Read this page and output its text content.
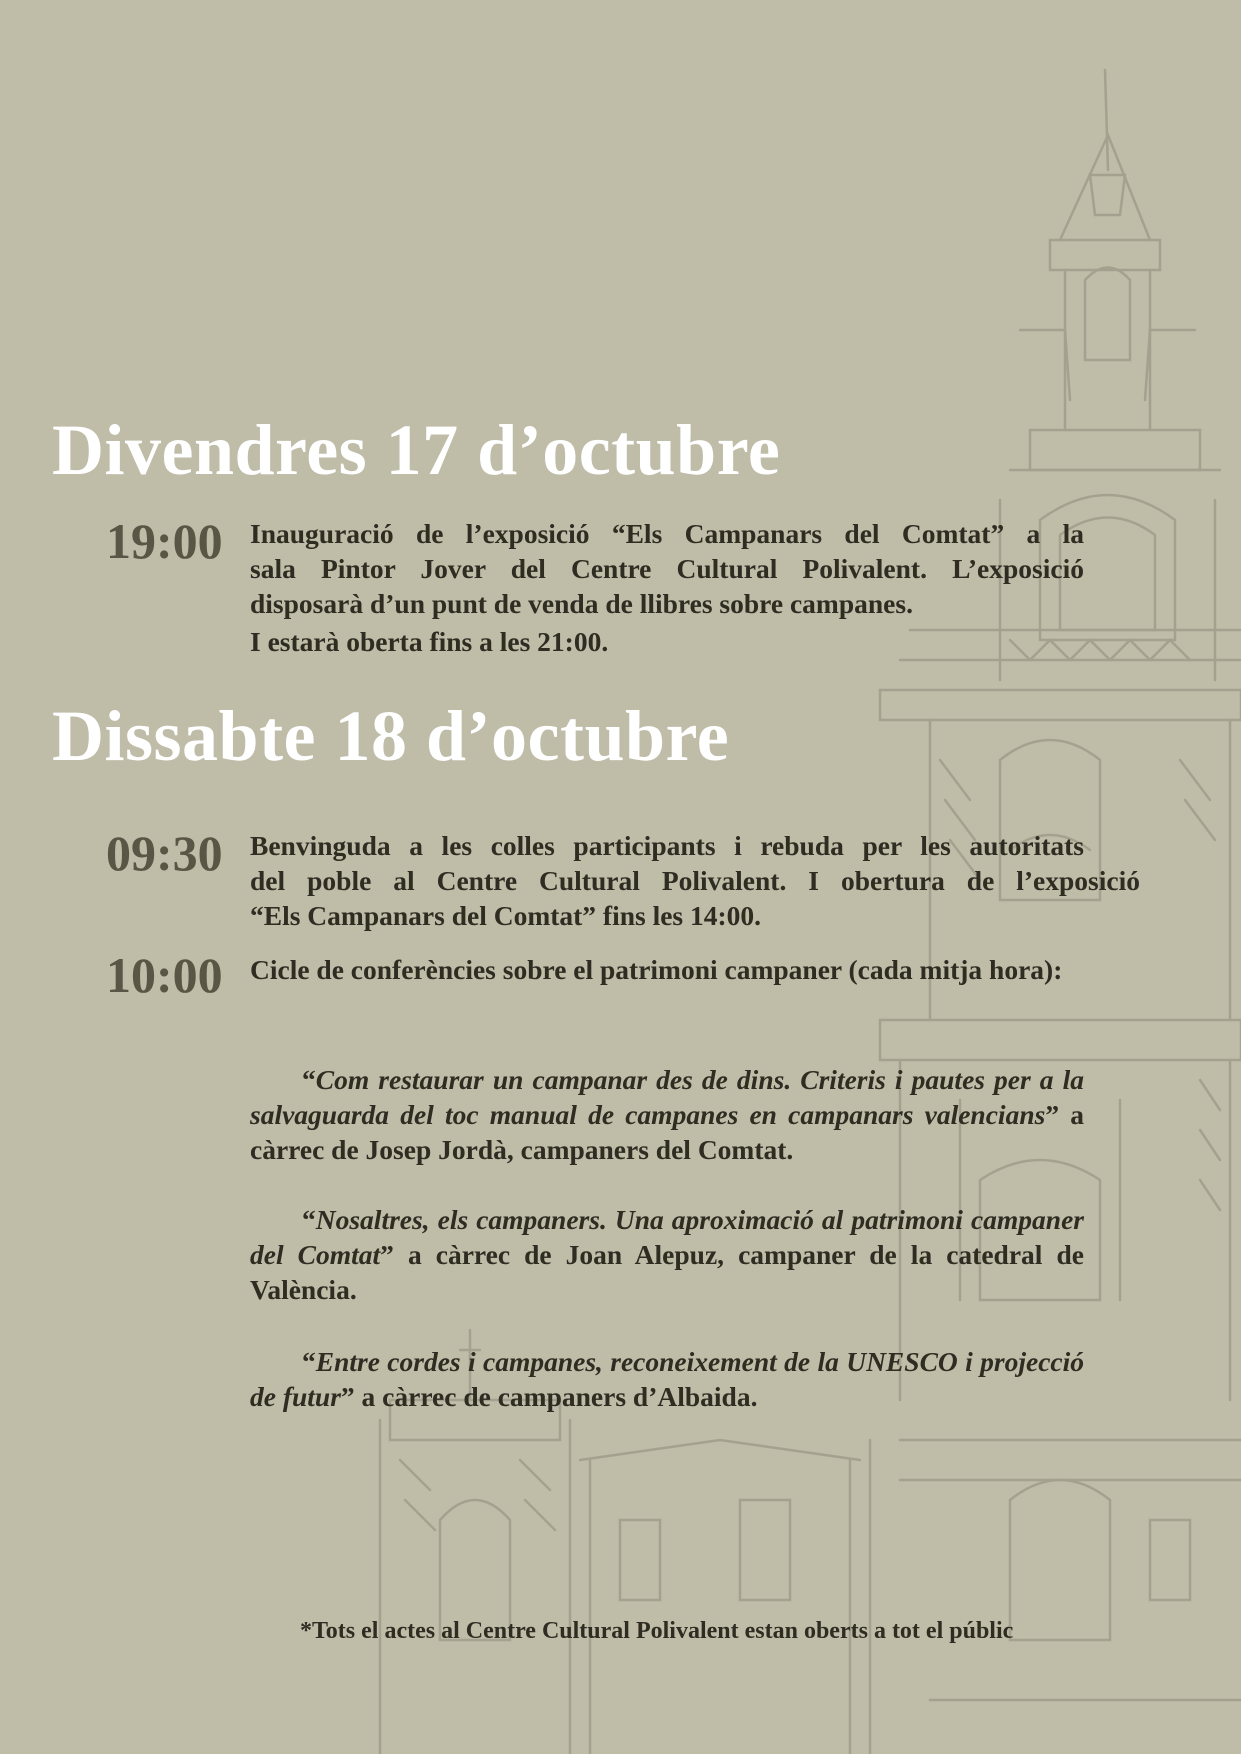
Divendres 17 d’octubre
19:00 Inauguració de l’exposició “Els Campanars del Comtat” a la
sala Pintor Jover del Centre Cultural Polivalent. L’exposició
disposarà d’un punt de venda de llibres sobre campanes.
I estarà oberta fins a les 21:00.

Dissabte 18 d’octubre
09:30 Benvinguda a les colles participants i rebuda per les autoritats
del poble al Centre Cultural Polivalent. I obertura de l’exposició
“Els Campanars del Comtat” fins les 14:00.

10:00 Cicle de conferències sobre el patrimoni campaner (cada mitja hora):

“Com restaurar un campanar des de dins. Criteris i pautes per a la salvaguarda del toc manual de campanes en campanars valencians” a càrrec de Josep Jordà, campaners del Comtat.

“Nosaltres, els campaners. Una aproximació al patrimoni campaner del Comtat” a càrrec de Joan Alepuz, campaner de la catedral de València.

“Entre cordes i campanes, reconeixement de la UNESCO i projecció de futur” a càrrec de campaners d’Albaida.

*Tots el actes al Centre Cultural Polivalent estan oberts a tot el públic
